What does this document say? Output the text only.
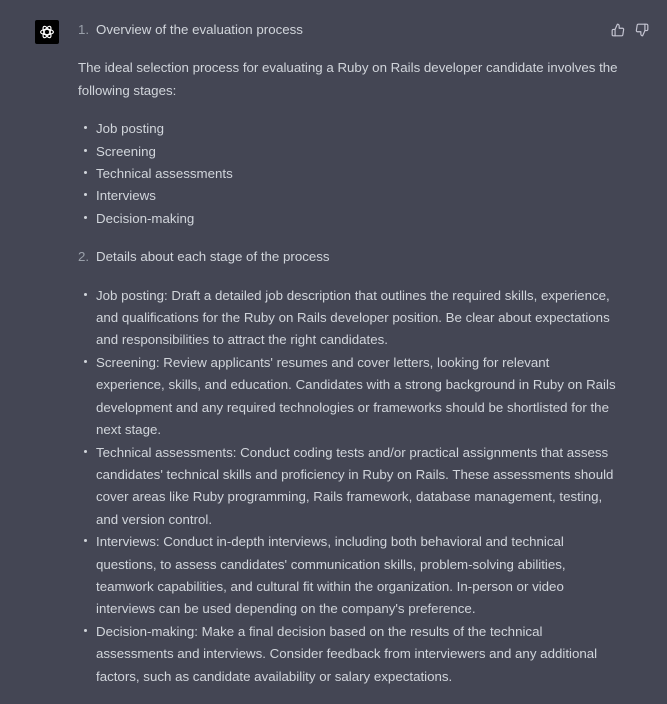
1. Overview of the evaluation process

The ideal selection process for evaluating a Ruby on Rails developer candidate involves the following stages:

Job posting
Screening
Technical assessments
Interviews
Decision-making
2. Details about each stage of the process
Job posting: Draft a detailed job description that outlines the required skills, experience, and qualifications for the Ruby on Rails developer position. Be clear about expectations and responsibilities to attract the right candidates.
Screening: Review applicants' resumes and cover letters, looking for relevant experience, skills, and education. Candidates with a strong background in Ruby on Rails development and any required technologies or frameworks should be shortlisted for the next stage.
Technical assessments: Conduct coding tests and/or practical assignments that assess candidates' technical skills and proficiency in Ruby on Rails. These assessments should cover areas like Ruby programming, Rails framework, database management, testing, and version control.
Interviews: Conduct in-depth interviews, including both behavioral and technical questions, to assess candidates' communication skills, problem-solving abilities, teamwork capabilities, and cultural fit within the organization. In-person or video interviews can be used depending on the company's preference.
Decision-making: Make a final decision based on the results of the technical assessments and interviews. Consider feedback from interviewers and any additional factors, such as candidate availability or salary expectations.
